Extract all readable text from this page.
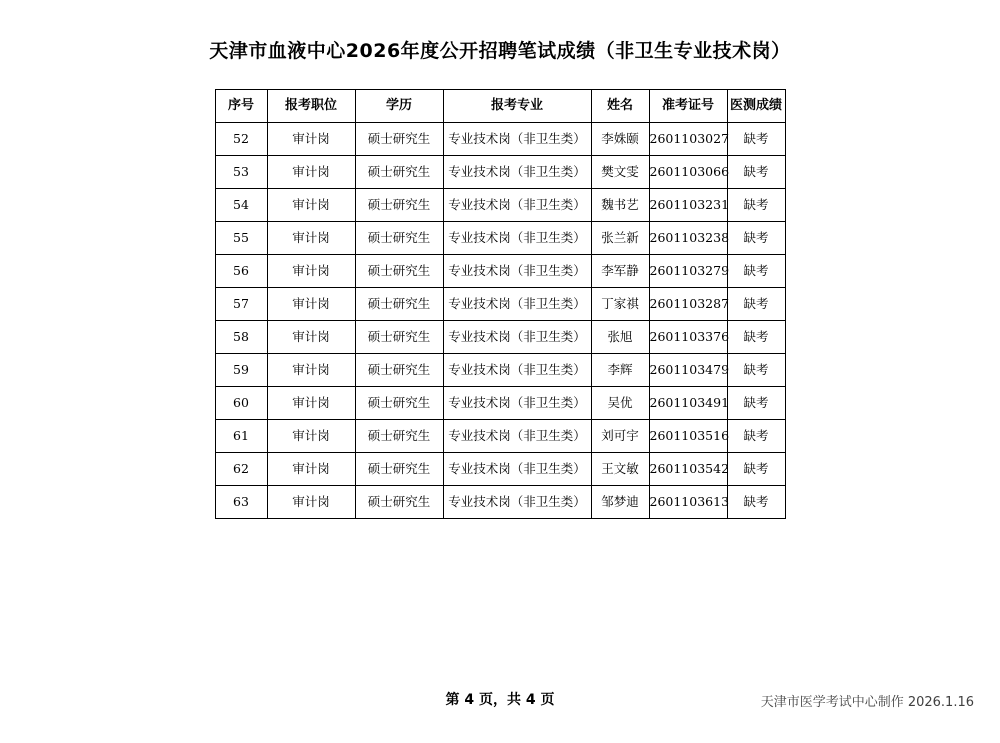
天津市血液中心2026年度公开招聘笔试成绩（非卫生专业技术岗）
序号	报考职位	学历	报考专业	姓名	准考证号	医测成绩
52	审计岗	硕士研究生	专业技术岗（非卫生类）	李姝颐	2601103027	缺考
53	审计岗	硕士研究生	专业技术岗（非卫生类）	樊文雯	2601103066	缺考
54	审计岗	硕士研究生	专业技术岗（非卫生类）	魏书艺	2601103231	缺考
55	审计岗	硕士研究生	专业技术岗（非卫生类）	张兰新	2601103238	缺考
56	审计岗	硕士研究生	专业技术岗（非卫生类）	李军静	2601103279	缺考
57	审计岗	硕士研究生	专业技术岗（非卫生类）	丁家祺	2601103287	缺考
58	审计岗	硕士研究生	专业技术岗（非卫生类）	张旭	2601103376	缺考
59	审计岗	硕士研究生	专业技术岗（非卫生类）	李辉	2601103479	缺考
60	审计岗	硕士研究生	专业技术岗（非卫生类）	吴优	2601103491	缺考
61	审计岗	硕士研究生	专业技术岗（非卫生类）	刘可宇	2601103516	缺考
62	审计岗	硕士研究生	专业技术岗（非卫生类）	王文敏	2601103542	缺考
63	审计岗	硕士研究生	专业技术岗（非卫生类）	邹梦迪	2601103613	缺考
第 4 页，共 4 页	天津市医学考试中心制作 2026.1.16
